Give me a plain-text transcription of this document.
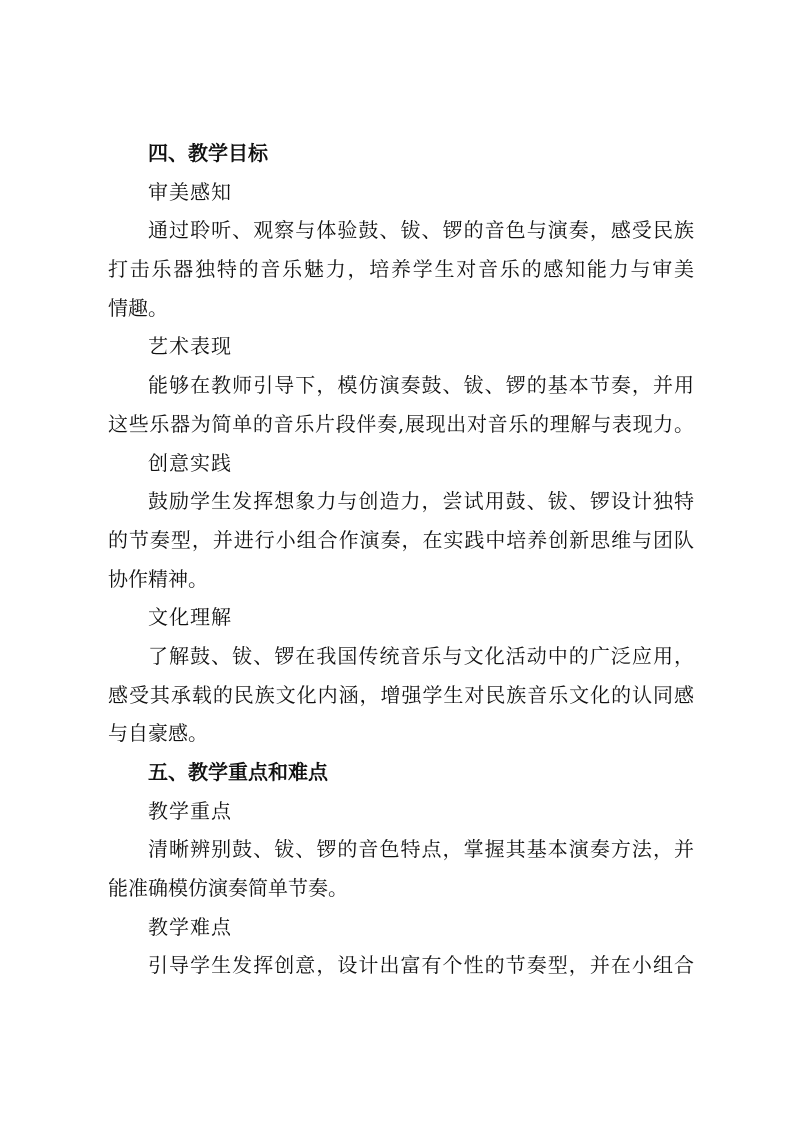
四、教学目标
审美感知
通过聆听、观察与体验鼓、钹、锣的音色与演奏，感受民族
打击乐器独特的音乐魅力，培养学生对音乐的感知能力与审美
情趣。
艺术表现
能够在教师引导下，模仿演奏鼓、钹、锣的基本节奏，并用
这些乐器为简单的音乐片段伴奏,展现出对音乐的理解与表现力。
创意实践
鼓励学生发挥想象力与创造力，尝试用鼓、钹、锣设计独特
的节奏型，并进行小组合作演奏，在实践中培养创新思维与团队
协作精神。
文化理解
了解鼓、钹、锣在我国传统音乐与文化活动中的广泛应用，
感受其承载的民族文化内涵，增强学生对民族音乐文化的认同感
与自豪感。
五、教学重点和难点
教学重点
清晰辨别鼓、钹、锣的音色特点，掌握其基本演奏方法，并
能准确模仿演奏简单节奏。
教学难点
引导学生发挥创意，设计出富有个性的节奏型，并在小组合
